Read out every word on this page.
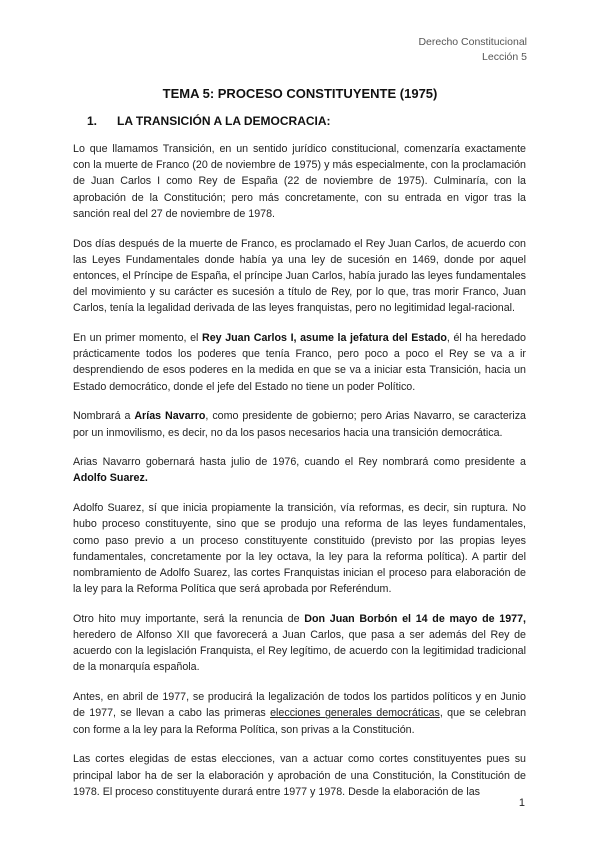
Derecho Constitucional
Lección 5
TEMA 5: PROCESO CONSTITUYENTE (1975)
1. LA TRANSICIÓN A LA DEMOCRACIA:

Lo que llamamos Transición, en un sentido jurídico constitucional, comenzaría exactamente con la muerte de Franco (20 de noviembre de 1975) y más especialmente, con la proclamación de Juan Carlos I como Rey de España (22 de noviembre de 1975). Culminaría, con la aprobación de la Constitución; pero más concretamente, con su entrada en vigor tras la sanción real del 27 de noviembre de 1978.

Dos días después de la muerte de Franco, es proclamado el Rey Juan Carlos, de acuerdo con las Leyes Fundamentales donde había ya una ley de sucesión en 1469, donde por aquel entonces, el Príncipe de España, el príncipe Juan Carlos, había jurado las leyes fundamentales del movimiento y su carácter es sucesión a título de Rey, por lo que, tras morir Franco, Juan Carlos, tenía la legalidad derivada de las leyes franquistas, pero no legitimidad legal-racional.

En un primer momento, el Rey Juan Carlos I, asume la jefatura del Estado, él ha heredado prácticamente todos los poderes que tenía Franco, pero poco a poco el Rey se va a ir desprendiendo de esos poderes en la medida en que se va a iniciar esta Transición, hacia un Estado democrático, donde el jefe del Estado no tiene un poder Político.

Nombrará a Arías Navarro, como presidente de gobierno; pero Arias Navarro, se caracteriza por un inmovilismo, es decir, no da los pasos necesarios hacia una transición democrática.

Arias Navarro gobernará hasta julio de 1976, cuando el Rey nombrará como presidente a Adolfo Suarez.

Adolfo Suarez, sí que inicia propiamente la transición, vía reformas, es decir, sin ruptura. No hubo proceso constituyente, sino que se produjo una reforma de las leyes fundamentales, como paso previo a un proceso constituyente constituido (previsto por las propias leyes fundamentales, concretamente por la ley octava, la ley para la reforma política). A partir del nombramiento de Adolfo Suarez, las cortes Franquistas inician el proceso para elaboración de la ley para la Reforma Política que será aprobada por Referéndum.

Otro hito muy importante, será la renuncia de Don Juan Borbón el 14 de mayo de 1977, heredero de Alfonso XII que favorecerá a Juan Carlos, que pasa a ser además del Rey de acuerdo con la legislación Franquista, el Rey legítimo, de acuerdo con la legitimidad tradicional de la monarquía española.

Antes, en abril de 1977, se producirá la legalización de todos los partidos políticos y en Junio de 1977, se llevan a cabo las primeras elecciones generales democráticas, que se celebran con forme a la ley para la Reforma Política, son privas a la Constitución.

Las cortes elegidas de estas elecciones, van a actuar como cortes constituyentes pues su principal labor ha de ser la elaboración y aprobación de una Constitución, la Constitución de 1978. El proceso constituyente durará entre 1977 y 1978. Desde la elaboración de las

1
